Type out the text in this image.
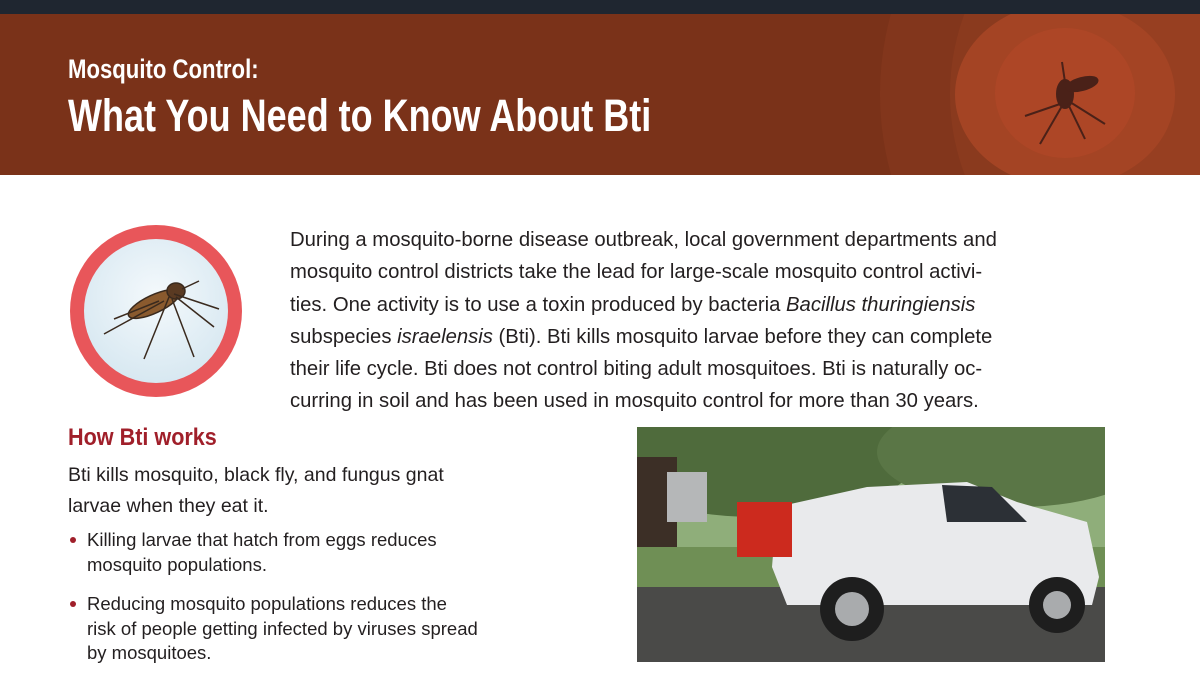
Mosquito Control:
What You Need to Know About Bti
During a mosquito-borne disease outbreak, local government departments and
mosquito control districts take the lead for large-scale mosquito control activi-
ties. One activity is to use a toxin produced by bacteria Bacillus thuringiensis
subspecies israelensis (Bti). Bti kills mosquito larvae before they can complete
their life cycle. Bti does not control biting adult mosquitoes. Bti is naturally oc-
curring in soil and has been used in mosquito control for more than 30 years.
How Bti works
Bti kills mosquito, black fly, and fungus gnat
larvae when they eat it.
Killing larvae that hatch from eggs reduces
mosquito populations.
Reducing mosquito populations reduces the
risk of people getting infected by viruses spread
by mosquitoes.
